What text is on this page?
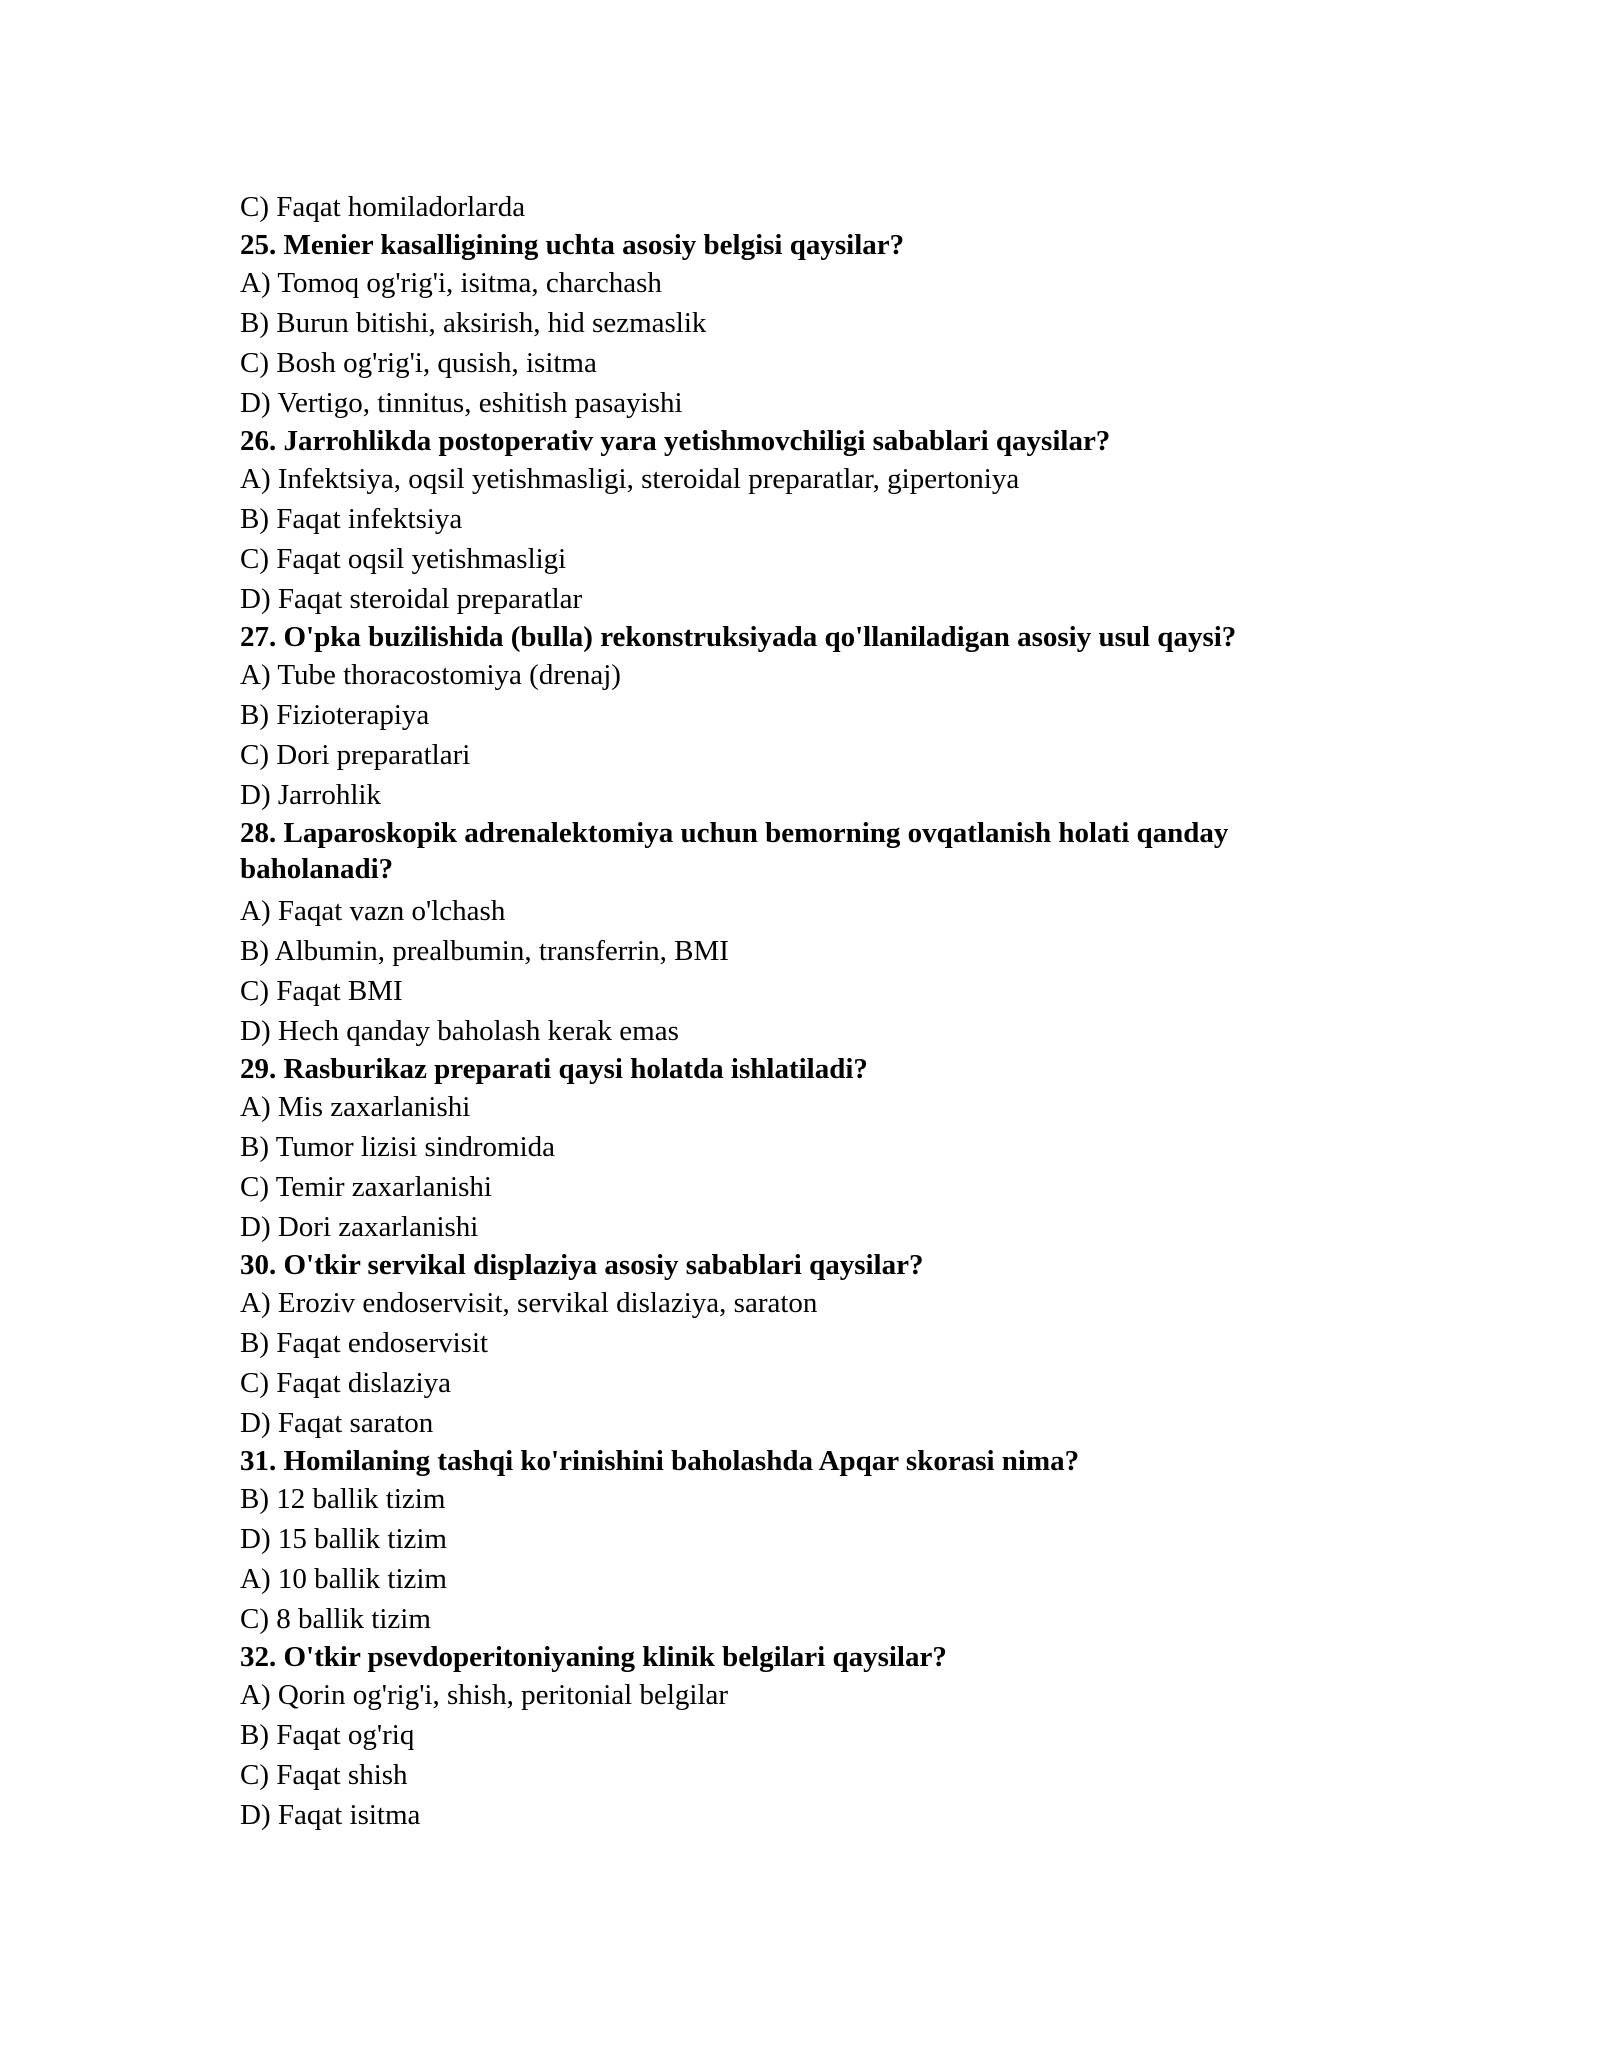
C) Faqat homiladorlarda
25. Menier kasalligining uchta asosiy belgisi qaysilar?
A) Tomoq og'rig'i, isitma, charchash
B) Burun bitishi, aksirish, hid sezmaslik
C) Bosh og'rig'i, qusish, isitma
D) Vertigo, tinnitus, eshitish pasayishi
26. Jarrohlikda postoperativ yara yetishmovchiligi sabablari qaysilar?
A) Infektsiya, oqsil yetishmasligi, steroidal preparatlar, gipertoniya
B) Faqat infektsiya
C) Faqat oqsil yetishmasligi
D) Faqat steroidal preparatlar
27. O'pka buzilishida (bulla) rekonstruksiyada qo'llaniladigan asosiy usul qaysi?
A) Tube thoracostomiya (drenaj)
B) Fizioterapiya
C) Dori preparatlari
D) Jarrohlik
28. Laparoskopik adrenalektomiya uchun bemorning ovqatlanish holati qanday baholanadi?
A) Faqat vazn o'lchash
B) Albumin, prealbumin, transferrin, BMI
C) Faqat BMI
D) Hech qanday baholash kerak emas
29. Rasburikaz preparati qaysi holatda ishlatiladi?
A) Mis zaxarlanishi
B) Tumor lizisi sindromida
C) Temir zaxarlanishi
D) Dori zaxarlanishi
30. O'tkir servikal displaziya asosiy sabablari qaysilar?
A) Eroziv endoservisit, servikal dislaziya, saraton
B) Faqat endoservisit
C) Faqat dislaziya
D) Faqat saraton
31. Homilaning tashqi ko'rinishini baholashda Apqar skorasi nima?
B) 12 ballik tizim
D) 15 ballik tizim
A) 10 ballik tizim
C) 8 ballik tizim
32. O'tkir psevdoperitoniyaning klinik belgilari qaysilar?
A) Qorin og'rig'i, shish, peritonial belgilar
B) Faqat og'riq
C) Faqat shish
D) Faqat isitma
